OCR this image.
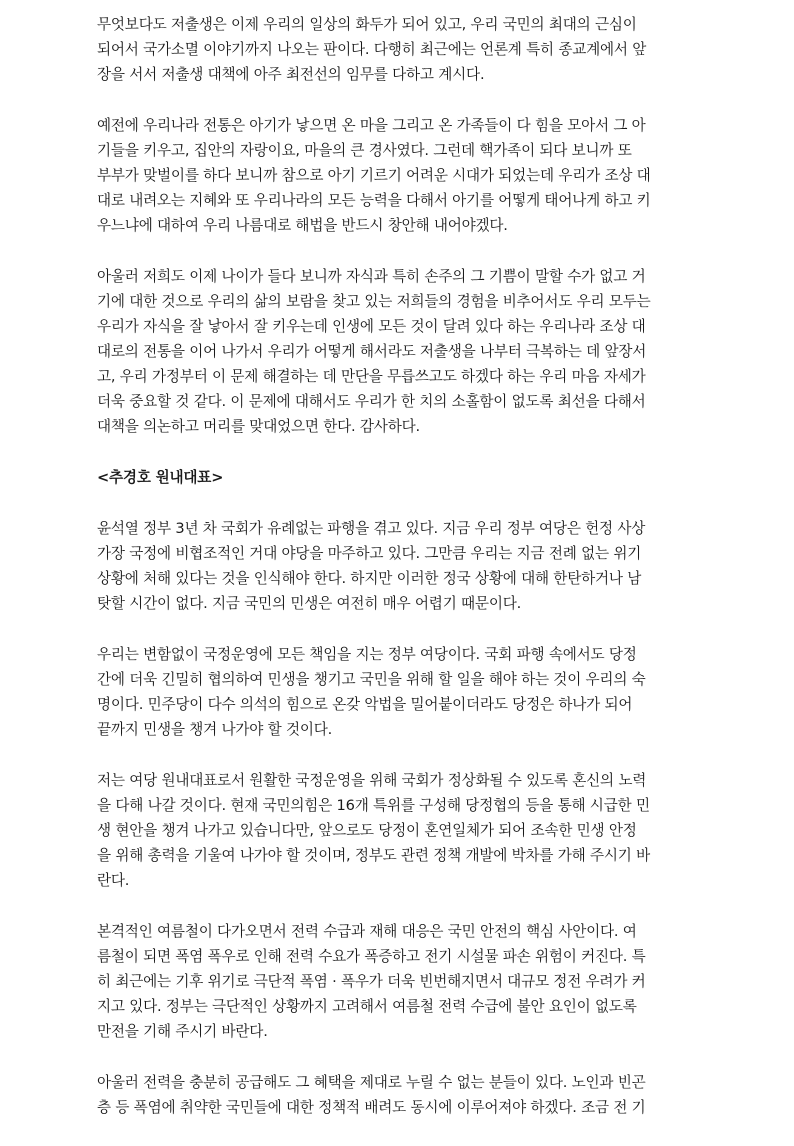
무엇보다도 저출생은 이제 우리의 일상의 화두가 되어 있고, 우리 국민의 최대의 근심이
되어서 국가소멸 이야기까지 나오는 판이다. 다행히 최근에는 언론계 특히 종교계에서 앞
장을 서서 저출생 대책에 아주 최전선의 임무를 다하고 계시다.

예전에 우리나라 전통은 아기가 낳으면 온 마을 그리고 온 가족들이 다 힘을 모아서 그 아
기들을 키우고, 집안의 자랑이요, 마을의 큰 경사였다. 그런데 핵가족이 되다 보니까 또
부부가 맞벌이를 하다 보니까 참으로 아기 기르기 어려운 시대가 되었는데 우리가 조상 대
대로 내려오는 지혜와 또 우리나라의 모든 능력을 다해서 아기를 어떻게 태어나게 하고 키
우느냐에 대하여 우리 나름대로 해법을 반드시 창안해 내어야겠다.

아울러 저희도 이제 나이가 들다 보니까 자식과 특히 손주의 그 기쁨이 말할 수가 없고 거
기에 대한 것으로 우리의 삶의 보람을 찾고 있는 저희들의 경험을 비추어서도 우리 모두는
우리가 자식을 잘 낳아서 잘 키우는데 인생에 모든 것이 달려 있다 하는 우리나라 조상 대
대로의 전통을 이어 나가서 우리가 어떻게 해서라도 저출생을 나부터 극복하는 데 앞장서
고, 우리 가정부터 이 문제 해결하는 데 만단을 무릅쓰고도 하겠다 하는 우리 마음 자세가
더욱 중요할 것 같다. 이 문제에 대해서도 우리가 한 치의 소홀함이 없도록 최선을 다해서
대책을 의논하고 머리를 맞대었으면 한다. 감사하다.

<추경호 원내대표>

윤석열 정부 3년 차 국회가 유례없는 파행을 겪고 있다. 지금 우리 정부 여당은 헌정 사상
가장 국정에 비협조적인 거대 야당을 마주하고 있다. 그만큼 우리는 지금 전례 없는 위기
상황에 처해 있다는 것을 인식해야 한다. 하지만 이러한 정국 상황에 대해 한탄하거나 남
탓할 시간이 없다. 지금 국민의 민생은 여전히 매우 어렵기 때문이다.

우리는 변함없이 국정운영에 모든 책임을 지는 정부 여당이다. 국회 파행 속에서도 당정
간에 더욱 긴밀히 협의하여 민생을 챙기고 국민을 위해 할 일을 해야 하는 것이 우리의 숙
명이다. 민주당이 다수 의석의 힘으로 온갖 악법을 밀어붙이더라도 당정은 하나가 되어
끝까지 민생을 챙겨 나가야 할 것이다.

저는 여당 원내대표로서 원활한 국정운영을 위해 국회가 정상화될 수 있도록 혼신의 노력
을 다해 나갈 것이다. 현재 국민의힘은 16개 특위를 구성해 당정협의 등을 통해 시급한 민
생 현안을 챙겨 나가고 있습니다만, 앞으로도 당정이 혼연일체가 되어 조속한 민생 안정
을 위해 총력을 기울여 나가야 할 것이며, 정부도 관련 정책 개발에 박차를 가해 주시기 바
란다.

본격적인 여름철이 다가오면서 전력 수급과 재해 대응은 국민 안전의 핵심 사안이다. 여
름철이 되면 폭염 폭우로 인해 전력 수요가 폭증하고 전기 시설물 파손 위험이 커진다. 특
히 최근에는 기후 위기로 극단적 폭염 · 폭우가 더욱 빈번해지면서 대규모 정전 우려가 커
지고 있다. 정부는 극단적인 상황까지 고려해서 여름철 전력 수급에 불안 요인이 없도록
만전을 기해 주시기 바란다.

아울러 전력을 충분히 공급해도 그 혜택을 제대로 누릴 수 없는 분들이 있다. 노인과 빈곤
층 등 폭염에 취약한 국민들에 대한 정책적 배려도 동시에 이루어져야 하겠다. 조금 전 기
